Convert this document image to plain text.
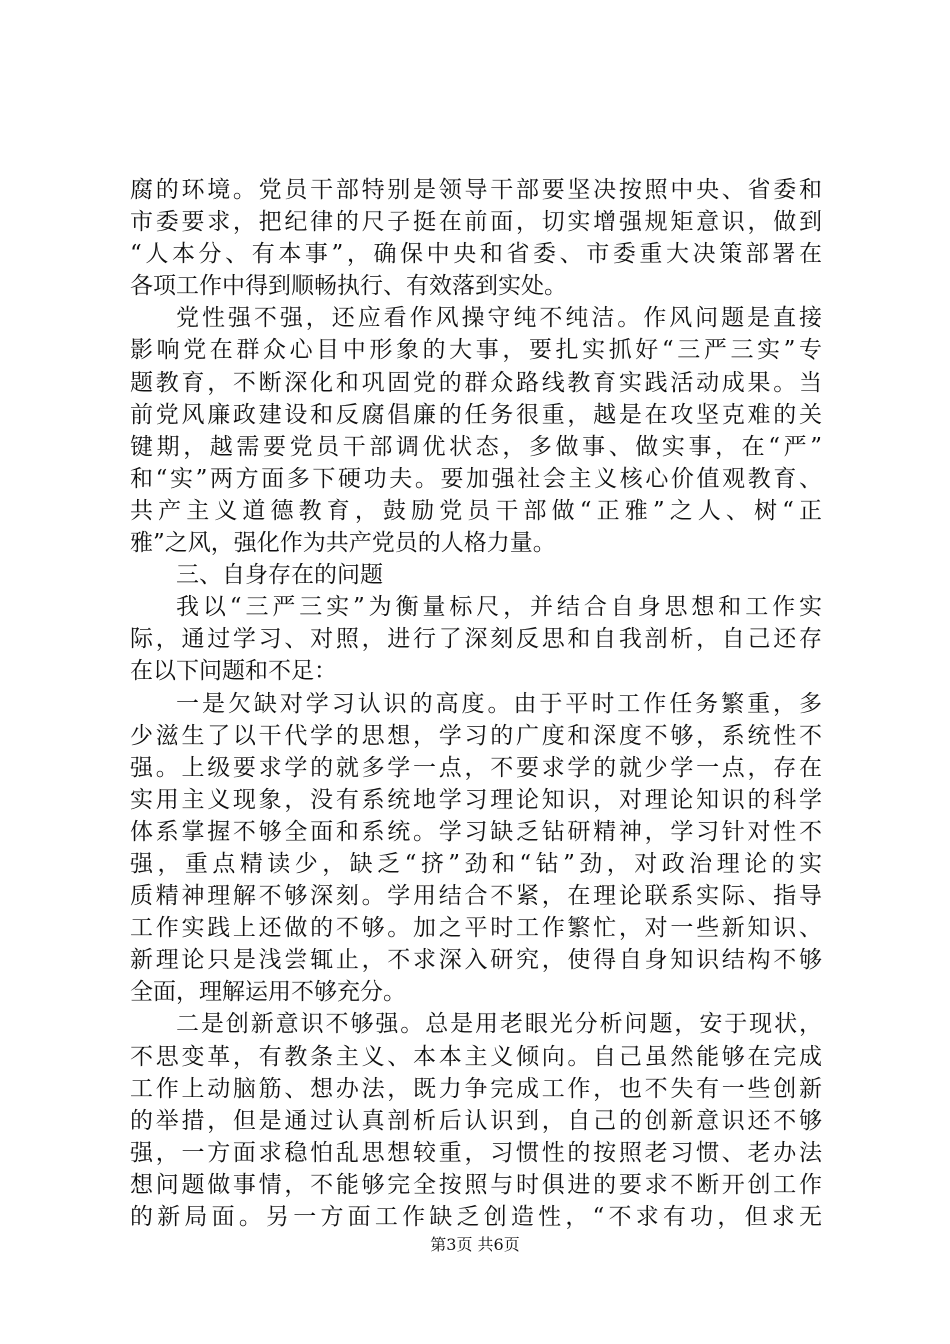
腐的环境。党员干部特别是领导干部要坚决按照中央、省委和
市委要求，把纪律的尺子挺在前面，切实增强规矩意识，做到
“人本分、有本事”，确保中央和省委、市委重大决策部署在
各项工作中得到顺畅执行、有效落到实处。
党性强不强，还应看作风操守纯不纯洁。作风问题是直接
影响党在群众心目中形象的大事，要扎实抓好“三严三实”专
题教育，不断深化和巩固党的群众路线教育实践活动成果。当
前党风廉政建设和反腐倡廉的任务很重，越是在攻坚克难的关
键期，越需要党员干部调优状态，多做事、做实事，在“严”
和“实”两方面多下硬功夫。要加强社会主义核心价值观教育、
共产主义道德教育，鼓励党员干部做“正雅”之人、树“正
雅”之风，强化作为共产党员的人格力量。
三、自身存在的问题
我以“三严三实”为衡量标尺，并结合自身思想和工作实
际，通过学习、对照，进行了深刻反思和自我剖析，自己还存
在以下问题和不足：
一是欠缺对学习认识的高度。由于平时工作任务繁重，多
少滋生了以干代学的思想，学习的广度和深度不够，系统性不
强。上级要求学的就多学一点，不要求学的就少学一点，存在
实用主义现象，没有系统地学习理论知识，对理论知识的科学
体系掌握不够全面和系统。学习缺乏钻研精神，学习针对性不
强，重点精读少，缺乏“挤”劲和“钻”劲，对政治理论的实
质精神理解不够深刻。学用结合不紧，在理论联系实际、指导
工作实践上还做的不够。加之平时工作繁忙，对一些新知识、
新理论只是浅尝辄止，不求深入研究，使得自身知识结构不够
全面，理解运用不够充分。
二是创新意识不够强。总是用老眼光分析问题，安于现状，
不思变革，有教条主义、本本主义倾向。自己虽然能够在完成
工作上动脑筋、想办法，既力争完成工作，也不失有一些创新
的举措，但是通过认真剖析后认识到，自己的创新意识还不够
强，一方面求稳怕乱思想较重，习惯性的按照老习惯、老办法
想问题做事情，不能够完全按照与时俱进的要求不断开创工作
的新局面。另一方面工作缺乏创造性，“不求有功，但求无
第3页 共6页
